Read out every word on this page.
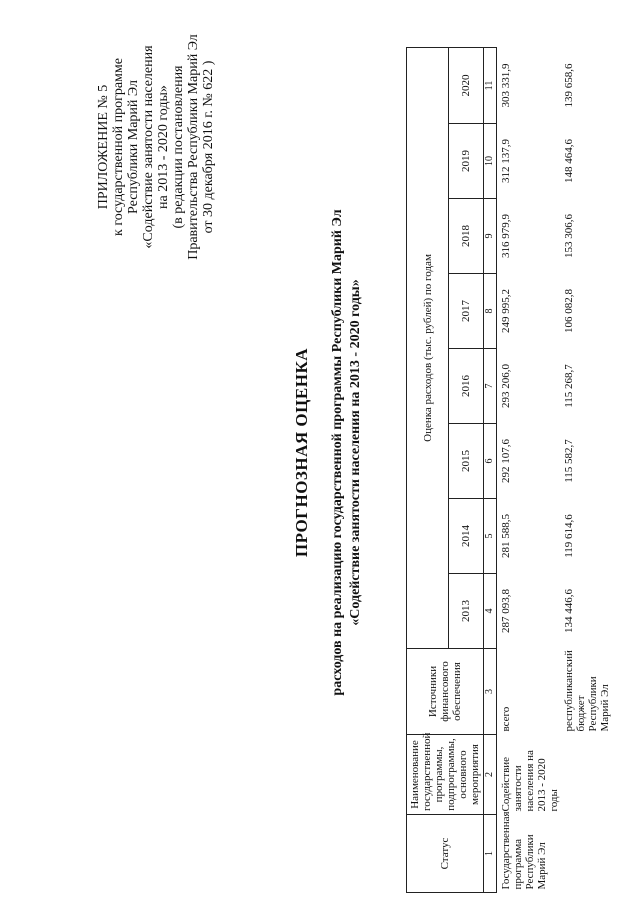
ПРИЛОЖЕНИЕ № 5 к государственной программе Республики Марий Эл «Содействие занятости населения на 2013 - 2020 годы» (в редакции постановления Правительства Республики Марий Эл от 30 декабря 2016 г. № 622 )
ПРОГНОЗНАЯ ОЦЕНКА расходов на реализацию государственной программы Республики Марий Эл «Содействие занятости населения на 2013 - 2020 годы»
Статус	Наименование государственной программы, подпрограммы, основного мероприятия	Источники финансового обеспечения	Оценка расходов (тыс. рублей) по годам							
			2013	2014	2015	2016	2017	2018	2019	2020
1	2	3	4	5	6	7	8	9	10	11
Государственная программа Республики Марий Эл	Содействие занятости населения на 2013 - 2020 годы	всего	287 093,8	281 588,5	292 107,6	293 206,0	249 995,2	316 979,9	312 137,9	303 331,9
		республиканский бюджет Республики Марий Эл	134 446,6	119 614,6	115 582,7	115 268,7	106 082,8	153 306,6	148 464,6	139 658,6
